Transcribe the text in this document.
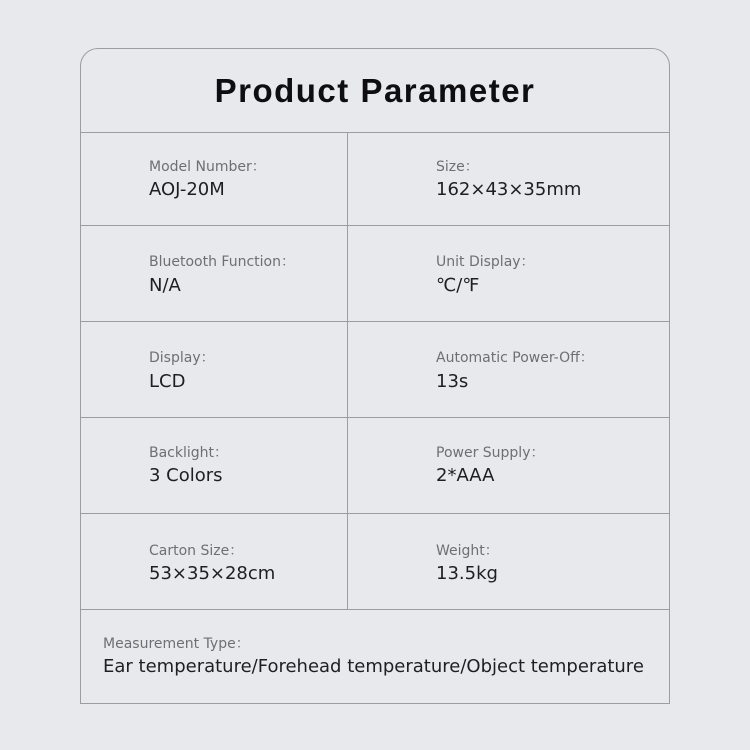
Product Parameter
Model Number：
AOJ-20M
Size：
162×43×35mm
Bluetooth Function：
N/A
Unit Display：
℃/℉
Display：
LCD
Automatic Power-Off：
13s
Backlight：
3 Colors
Power Supply：
2*AAA
Carton Size：
53×35×28cm
Weight：
13.5kg
Measurement Type：
Ear temperature/Forehead temperature/Object temperature
